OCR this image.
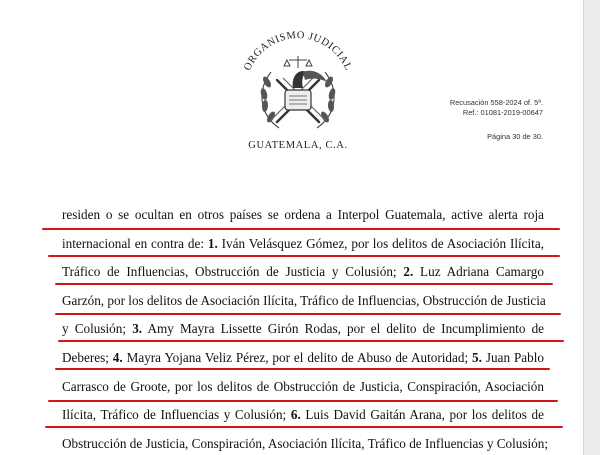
ORGANISMO JUDICIAL
GUATEMALA, C.A.
Recusación 558-2024 of. 5ª.
Ref.: 01081-2019-00647
Página 30 de 30.
residen o se ocultan en otros países se ordena a Interpol Guatemala, active alerta roja
internacional en contra de: 1. Iván Velásquez Gómez, por los delitos de Asociación Ilícita,
Tráfico de Influencias, Obstrucción de Justicia y Colusión; 2. Luz Adriana Camargo
Garzón, por los delitos de Asociación Ilícita, Tráfico de Influencias, Obstrucción de Justicia
y Colusión; 3. Amy Mayra Lissette Girón Rodas, por el delito de Incumplimiento de
Deberes; 4. Mayra Yojana Veliz Pérez, por el delito de Abuso de Autoridad; 5. Juan Pablo
Carrasco de Groote, por los delitos de Obstrucción de Justicia, Conspiración, Asociación
Ilícita, Tráfico de Influencias y Colusión; 6. Luis David Gaitán Arana, por los delitos de
Obstrucción de Justicia, Conspiración, Asociación Ilícita, Tráfico de Influencias y Colusión;
